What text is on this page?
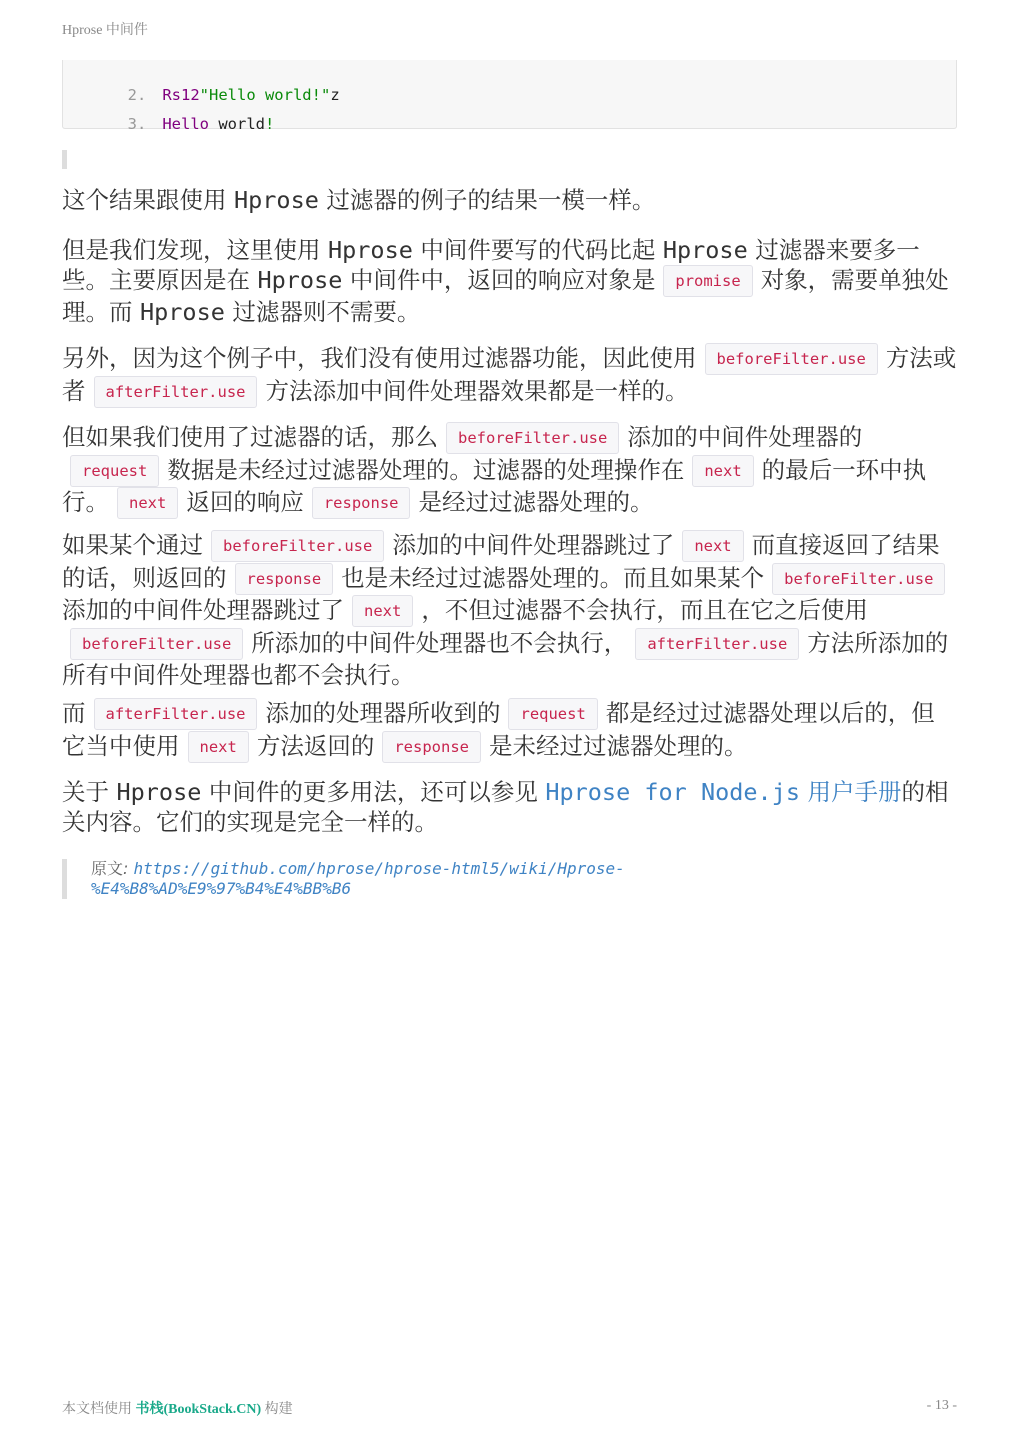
Hprose 中间件

2. Rs12"Hello world!"z

3. Hello world!

这个结果跟使用 Hprose 过滤器的例子的结果一模一样。

但是我们发现，这里使用 Hprose 中间件要写的代码比起 Hprose 过滤器来要多一些。主要原因是在 Hprose 中间件中，返回的响应对象是 promise 对象，需要单独处理。而 Hprose 过滤器则不需要。

另外，因为这个例子中，我们没有使用过滤器功能，因此使用 beforeFilter.use 方法或者 afterFilter.use 方法添加中间件处理器效果都是一样的。

但如果我们使用了过滤器的话，那么 beforeFilter.use 添加的中间件处理器的request 数据是未经过过滤器处理的。过滤器的处理操作在 next 的最后一环中执行。 next 返回的响应 response 是经过过滤器处理的。

如果某个通过 beforeFilter.use 添加的中间件处理器跳过了 next 而直接返回了结果的话，则返回的 response 也是未经过过滤器处理的。而且如果某个 beforeFilter.use添加的中间件处理器跳过了 next ，不但过滤器不会执行，而且在它之后使用beforeFilter.use 所添加的中间件处理器也不会执行， afterFilter.use 方法所添加的所有中间件处理器也都不会执行。

而 afterFilter.use 添加的处理器所收到的 request 都是经过过滤器处理以后的，但它当中使用 next 方法返回的 response 是未经过过滤器处理的。

关于 Hprose 中间件的更多用法，还可以参见 Hprose for Node.js 用户手册的相关内容。它们的实现是完全一样的。

原文: https://github.com/hprose/hprose-html5/wiki/Hprose-
%E4%B8%AD%E9%97%B4%E4%BB%B6
本文档使用 书栈(BookStack.CN) 构建	- 13 -
